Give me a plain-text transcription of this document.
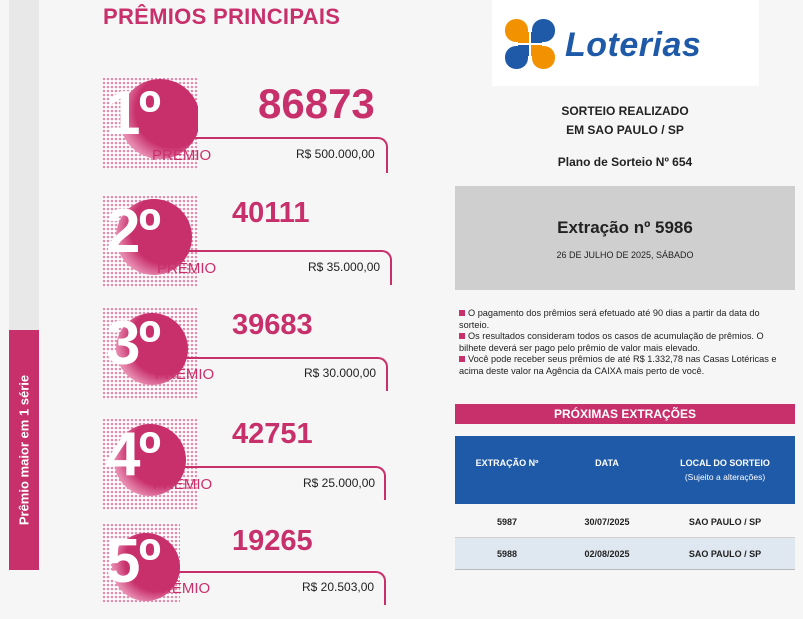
Prêmio maior em 1 série
PRÊMIOS PRINCIPAIS
1º 86873
PRÊMIO	R$ 500.000,00
2º	40111
PRÊMIO	R$ 35.000,00
3º	39683
PRÊMIO	R$ 30.000,00
4º	42751
PRÊMIO	R$ 25.000,00
5º	19265
PRÊMIO	R$ 20.503,00
Loterias
SORTEIO REALIZADO
EM SAO PAULO / SP
Plano de Sorteio Nº 654
Extração nº 5986
26 DE JULHO DE 2025, SÁBADO

O pagamento dos prêmios será efetuado até 90 dias a partir da data do sorteio.

Os resultados consideram todos os casos de acumulação de prêmios. O bilhete deverá ser pago pelo prêmio de valor mais elevado.

Você pode receber seus prêmios de até R$ 1.332,78 nas Casas Lotéricas e acima deste valor na Agência da CAIXA mais perto de você.

PRÓXIMAS EXTRAÇÕES
EXTRAÇÃO Nº	DATA	LOCAL DO SORTEIO
(Sujeito a alterações)
5987	30/07/2025	SAO PAULO / SP
5988	02/08/2025	SAO PAULO / SP
